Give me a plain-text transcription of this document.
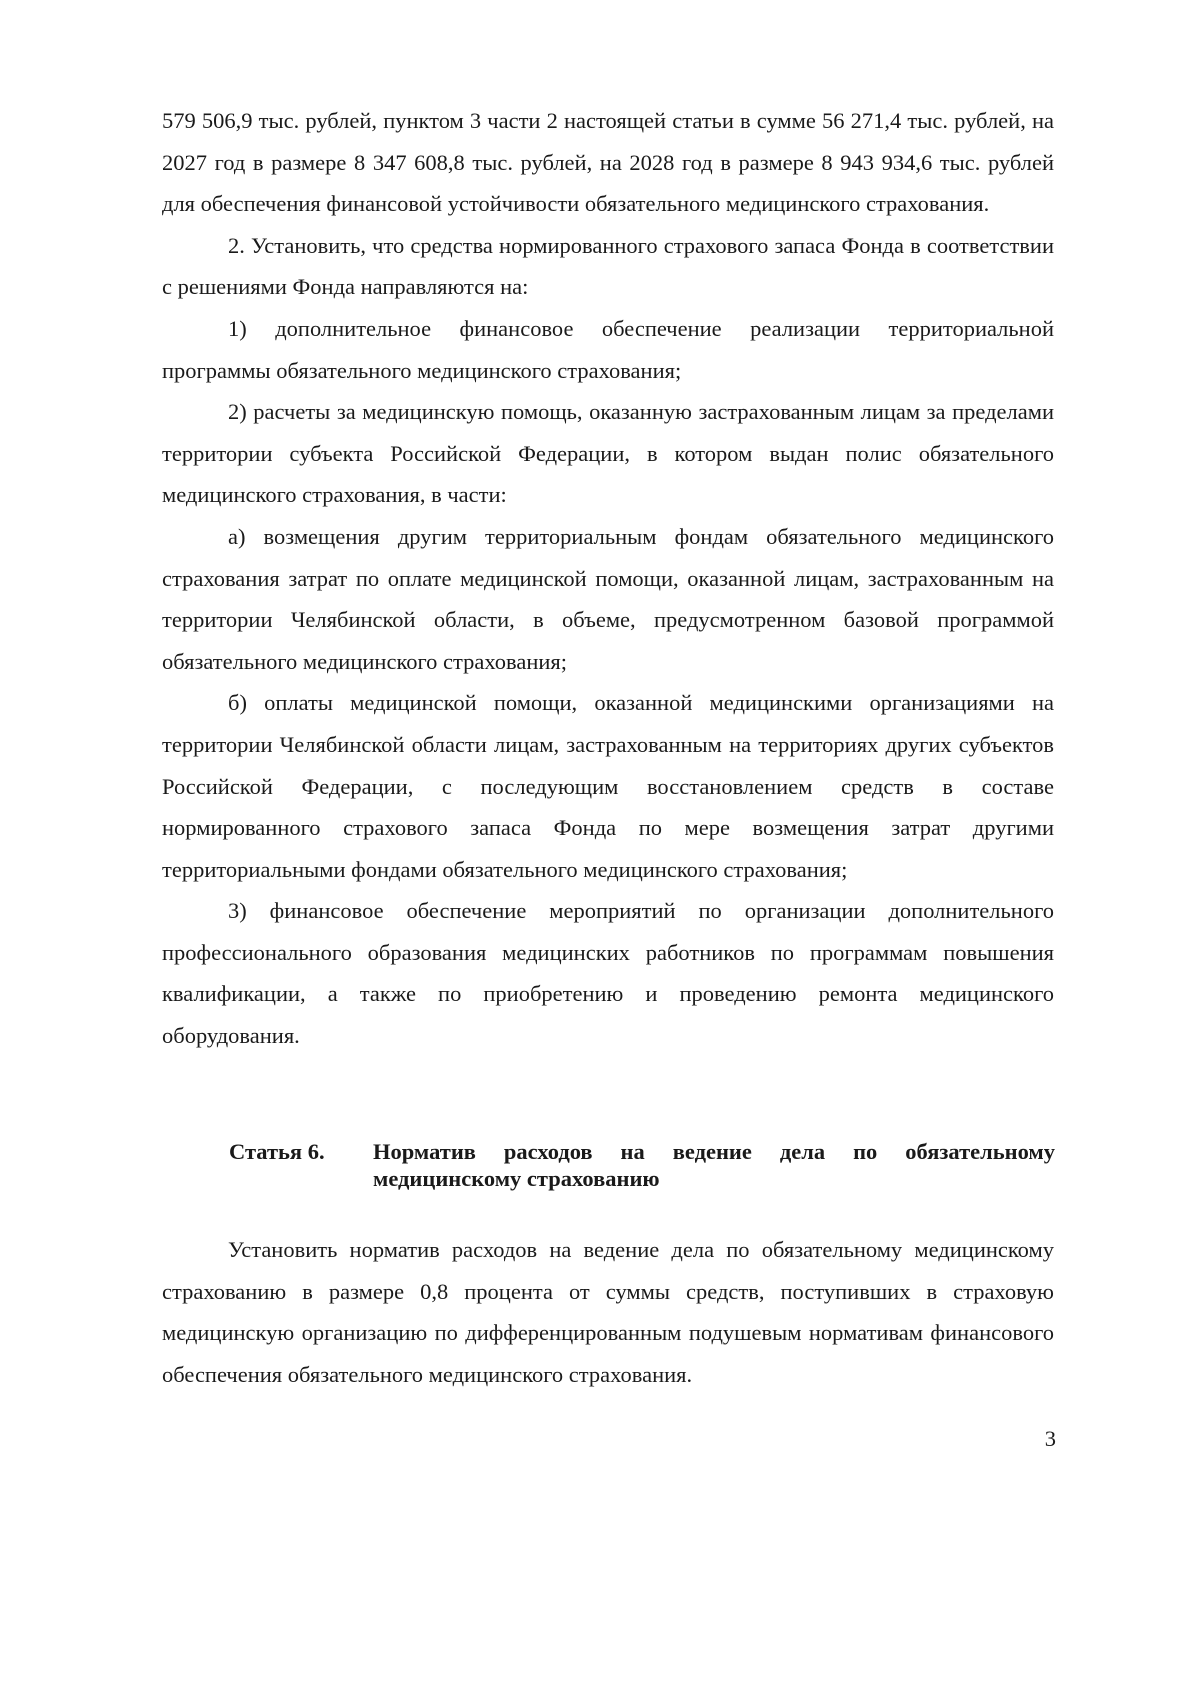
579 506,9 тыс. рублей, пунктом 3 части 2 настоящей статьи в сумме 56 271,4 тыс. рублей, на 2027 год в размере 8 347 608,8 тыс. рублей, на 2028 год в размере 8 943 934,6 тыс. рублей для обеспечения финансовой устойчивости обязательного медицинского страхования.

2. Установить, что средства нормированного страхового запаса Фонда в соответствии с решениями Фонда направляются на:

1) дополнительное финансовое обеспечение реализации территориальной программы обязательного медицинского страхования;

2) расчеты за медицинскую помощь, оказанную застрахованным лицам за пределами территории субъекта Российской Федерации, в котором выдан полис обязательного медицинского страхования, в части:

а) возмещения другим территориальным фондам обязательного медицинского страхования затрат по оплате медицинской помощи, оказанной лицам, застрахованным на территории Челябинской области, в объеме, предусмотренном базовой программой обязательного медицинского страхования;

б) оплаты медицинской помощи, оказанной медицинскими организациями на территории Челябинской области лицам, застрахованным на территориях других субъектов Российской Федерации, с последующим восстановлением средств в составе нормированного страхового запаса Фонда по мере возмещения затрат другими территориальными фондами обязательного медицинского страхования;

3) финансовое обеспечение мероприятий по организации дополнительного профессионального образования медицинских работников по программам повышения квалификации, а также по приобретению и проведению ремонта медицинского оборудования.

Статья 6.	Норматив расходов на ведение дела по обязательному медицинскому страхованию

Установить норматив расходов на ведение дела по обязательному медицинскому страхованию в размере 0,8 процента от суммы средств, поступивших в страховую медицинскую организацию по дифференцированным подушевым нормативам финансового обеспечения обязательного медицинского страхования.

3
